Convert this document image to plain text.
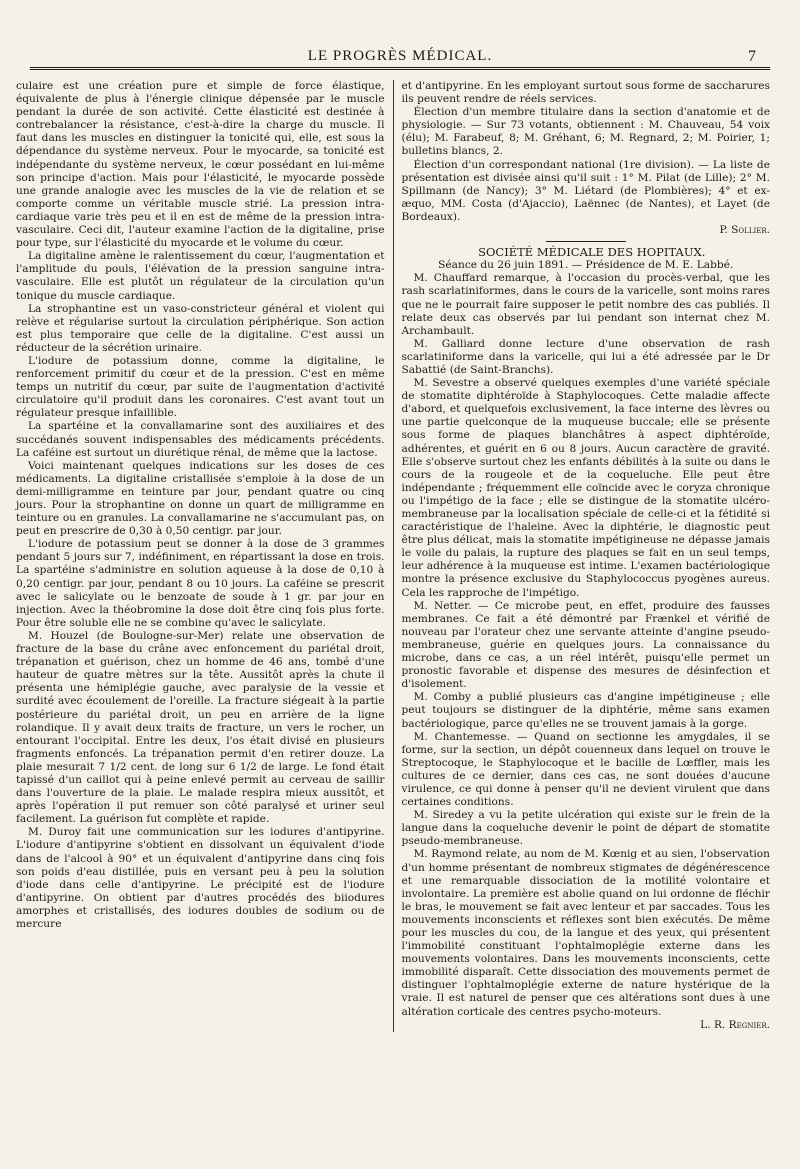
LE PROGRÈS MÉDICAL.	7

culaire est une création pure et simple de force élastique, équivalente de plus à l'énergie clinique dépensée par le muscle pendant la durée de son activité. Cette élasticité est destinée à contrebalancer la résistance, c'est-à-dire la charge du muscle. Il faut dans les muscles en distinguer la tonicité qui, elle, est sous la dépendance du système nerveux. Pour le myocarde, sa tonicité est indépendante du système nerveux, le cœur possédant en lui-même son principe d'action. Mais pour l'élasticité, le myocarde possède une grande analogie avec les muscles de la vie de relation et se comporte comme un véritable muscle strié. La pression intra-cardiaque varie très peu et il en est de même de la pression intra-vasculaire. Ceci dit, l'auteur examine l'action de la digitaline, prise pour type, sur l'élasticité du myocarde et le volume du cœur.

La digitaline amène le ralentissement du cœur, l'augmentation et l'amplitude du pouls, l'élévation de la pression sanguine intra-vasculaire. Elle est plutôt un régulateur de la circulation qu'un tonique du muscle cardiaque.

La strophantine est un vaso-constricteur général et violent qui relève et régularise surtout la circulation périphérique. Son action est plus temporaire que celle de la digitaline. C'est aussi un réducteur de la sécrétion urinaire.

L'iodure de potassium donne, comme la digitaline, le renforcement primitif du cœur et de la pression. C'est en même temps un nutritif du cœur, par suite de l'augmentation d'activité circulatoire qu'il produit dans les coronaires. C'est avant tout un régulateur presque infaillible.

La spartéine et la convallamarine sont des auxiliaires et des succédanés souvent indispensables des médicaments précédents. La caféine est surtout un diurétique rénal, de même que la lactose.

Voici maintenant quelques indications sur les doses de ces médicaments. La digitaline cristallisée s'emploie à la dose de un demi-milligramme en teinture par jour, pendant quatre ou cinq jours. Pour la strophantine on donne un quart de milligramme en teinture ou en granules. La convallamarine ne s'accumulant pas, on peut en prescrire de 0,30 à 0,50 centigr. par jour.

L'iodure de potassium peut se donner à la dose de 3 grammes pendant 5 jours sur 7, indéfiniment, en répartissant la dose en trois. La spartéine s'administre en solution aqueuse à la dose de 0,10 à 0,20 centigr. par jour, pendant 8 ou 10 jours. La caféine se prescrit avec le salicylate ou le benzoate de soude à 1 gr. par jour en injection. Avec la théobromine la dose doit être cinq fois plus forte. Pour être soluble elle ne se combine qu'avec le salicylate.

M. Houzel (de Boulogne-sur-Mer) relate une observation de fracture de la base du crâne avec enfoncement du pariétal droit, trépanation et guérison, chez un homme de 46 ans, tombé d'une hauteur de quatre mètres sur la tête. Aussitôt après la chute il présenta une hémiplégie gauche, avec paralysie de la vessie et surdité avec écoulement de l'oreille. La fracture siégeait à la partie postérieure du pariétal droit, un peu en arrière de la ligne rolandique. Il y avait deux traits de fracture, un vers le rocher, un entourant l'occipital. Entre les deux, l'os était divisé en plusieurs fragments enfoncés. La trépanation permit d'en retirer douze. La plaie mesurait 7 1/2 cent. de long sur 6 1/2 de large. Le fond était tapissé d'un caillot qui à peine enlevé permit au cerveau de saillir dans l'ouverture de la plaie. Le malade respira mieux aussitôt, et après l'opération il put remuer son côté paralysé et uriner seul facilement. La guérison fut complète et rapide.

M. Duroy fait une communication sur les iodures d'antipyrine. L'iodure d'antipyrine s'obtient en dissolvant un équivalent d'iode dans de l'alcool à 90° et un équivalent d'antipyrine dans cinq fois son poids d'eau distillée, puis en versant peu à peu la solution d'iode dans celle d'antipyrine. Le précipité est de l'iodure d'antipyrine. On obtient par d'autres procédés des biiodures amorphes et cristallisés, des iodures doubles de sodium ou de mercure

et d'antipyrine. En les employant surtout sous forme de saccharures ils peuvent rendre de réels services.

Élection d'un membre titulaire dans la section d'anatomie et de physiologie. — Sur 73 votants, obtiennent : M. Chauveau, 54 voix (élu); M. Farabeuf, 8; M. Gréhant, 6; M. Regnard, 2; M. Poirier, 1; bulletins blancs, 2.

Élection d'un correspondant national (1re division). — La liste de présentation est divisée ainsi qu'il suit : 1° M. Pilat (de Lille); 2° M. Spillmann (de Nancy); 3° M. Liétard (de Plombières); 4° et ex-æquo, MM. Costa (d'Ajaccio), Laënnec (de Nantes), et Layet (de Bordeaux).

P. Sollier.

SOCIÉTÉ MÉDICALE DES HOPITAUX.

Séance du 26 juin 1891. — Présidence de M. E. Labbé.

M. Chauffard remarque, à l'occasion du procès-verbal, que les rash scarlatiniformes, dans le cours de la varicelle, sont moins rares que ne le pourrait faire supposer le petit nombre des cas publiés. Il relate deux cas observés par lui pendant son internat chez M. Archambault.

M. Galliard donne lecture d'une observation de rash scarlatiniforme dans la varicelle, qui lui a été adressée par le Dr Sabattié (de Saint-Branchs).

M. Sevestre a observé quelques exemples d'une variété spéciale de stomatite diphtéroïde à Staphylocoques. Cette maladie affecte d'abord, et quelquefois exclusivement, la face interne des lèvres ou une partie quelconque de la muqueuse buccale; elle se présente sous forme de plaques blanchâtres à aspect diphtéroïde, adhérentes, et guérit en 6 ou 8 jours. Aucun caractère de gravité. Elle s'observe surtout chez les enfants débilités à la suite ou dans le cours de la rougeole et de la coqueluche. Elle peut être indépendante ; fréquemment elle coïncide avec le coryza chronique ou l'impétigo de la face ; elle se distingue de la stomatite ulcéro-membraneuse par la localisation spéciale de celle-ci et la fétidité si caractéristique de l'haleine. Avec la diphtérie, le diagnostic peut être plus délicat, mais la stomatite impétigineuse ne dépasse jamais le voile du palais, la rupture des plaques se fait en un seul temps, leur adhérence à la muqueuse est intime. L'examen bactériologique montre la présence exclusive du Staphylococcus pyogènes aureus. Cela les rapproche de l'impétigo.

M. Netter. — Ce microbe peut, en effet, produire des fausses membranes. Ce fait a été démontré par Frænkel et vérifié de nouveau par l'orateur chez une servante atteinte d'angine pseudo-membraneuse, guérie en quelques jours. La connaissance du microbe, dans ce cas, a un réel intérêt, puisqu'elle permet un pronostic favorable et dispense des mesures de désinfection et d'isolement.

M. Comby a publié plusieurs cas d'angine impétigineuse ; elle peut toujours se distinguer de la diphtérie, même sans examen bactériologique, parce qu'elles ne se trouvent jamais à la gorge.

M. Chantemesse. — Quand on sectionne les amygdales, il se forme, sur la section, un dépôt couenneux dans lequel on trouve le Streptocoque, le Staphylocoque et le bacille de Lœffler, mais les cultures de ce dernier, dans ces cas, ne sont douées d'aucune virulence, ce qui donne à penser qu'il ne devient virulent que dans certaines conditions.

M. Siredey a vu la petite ulcération qui existe sur le frein de la langue dans la coqueluche devenir le point de départ de stomatite pseudo-membraneuse.

M. Raymond relate, au nom de M. Kœnig et au sien, l'observation d'un homme présentant de nombreux stigmates de dégénérescence et une remarquable dissociation de la motilité volontaire et involontaire. La première est abolie quand on lui ordonne de fléchir le bras, le mouvement se fait avec lenteur et par saccades. Tous les mouvements inconscients et réflexes sont bien exécutés. De même pour les muscles du cou, de la langue et des yeux, qui présentent l'immobilité constituant l'ophtalmoplégie externe dans les mouvements volontaires. Dans les mouvements inconscients, cette immobilité disparaît. Cette dissociation des mouvements permet de distinguer l'ophtalmoplégie externe de nature hystérique de la vraie. Il est naturel de penser que ces altérations sont dues à une altération corticale des centres psycho-moteurs.

L. R. Regnier.
